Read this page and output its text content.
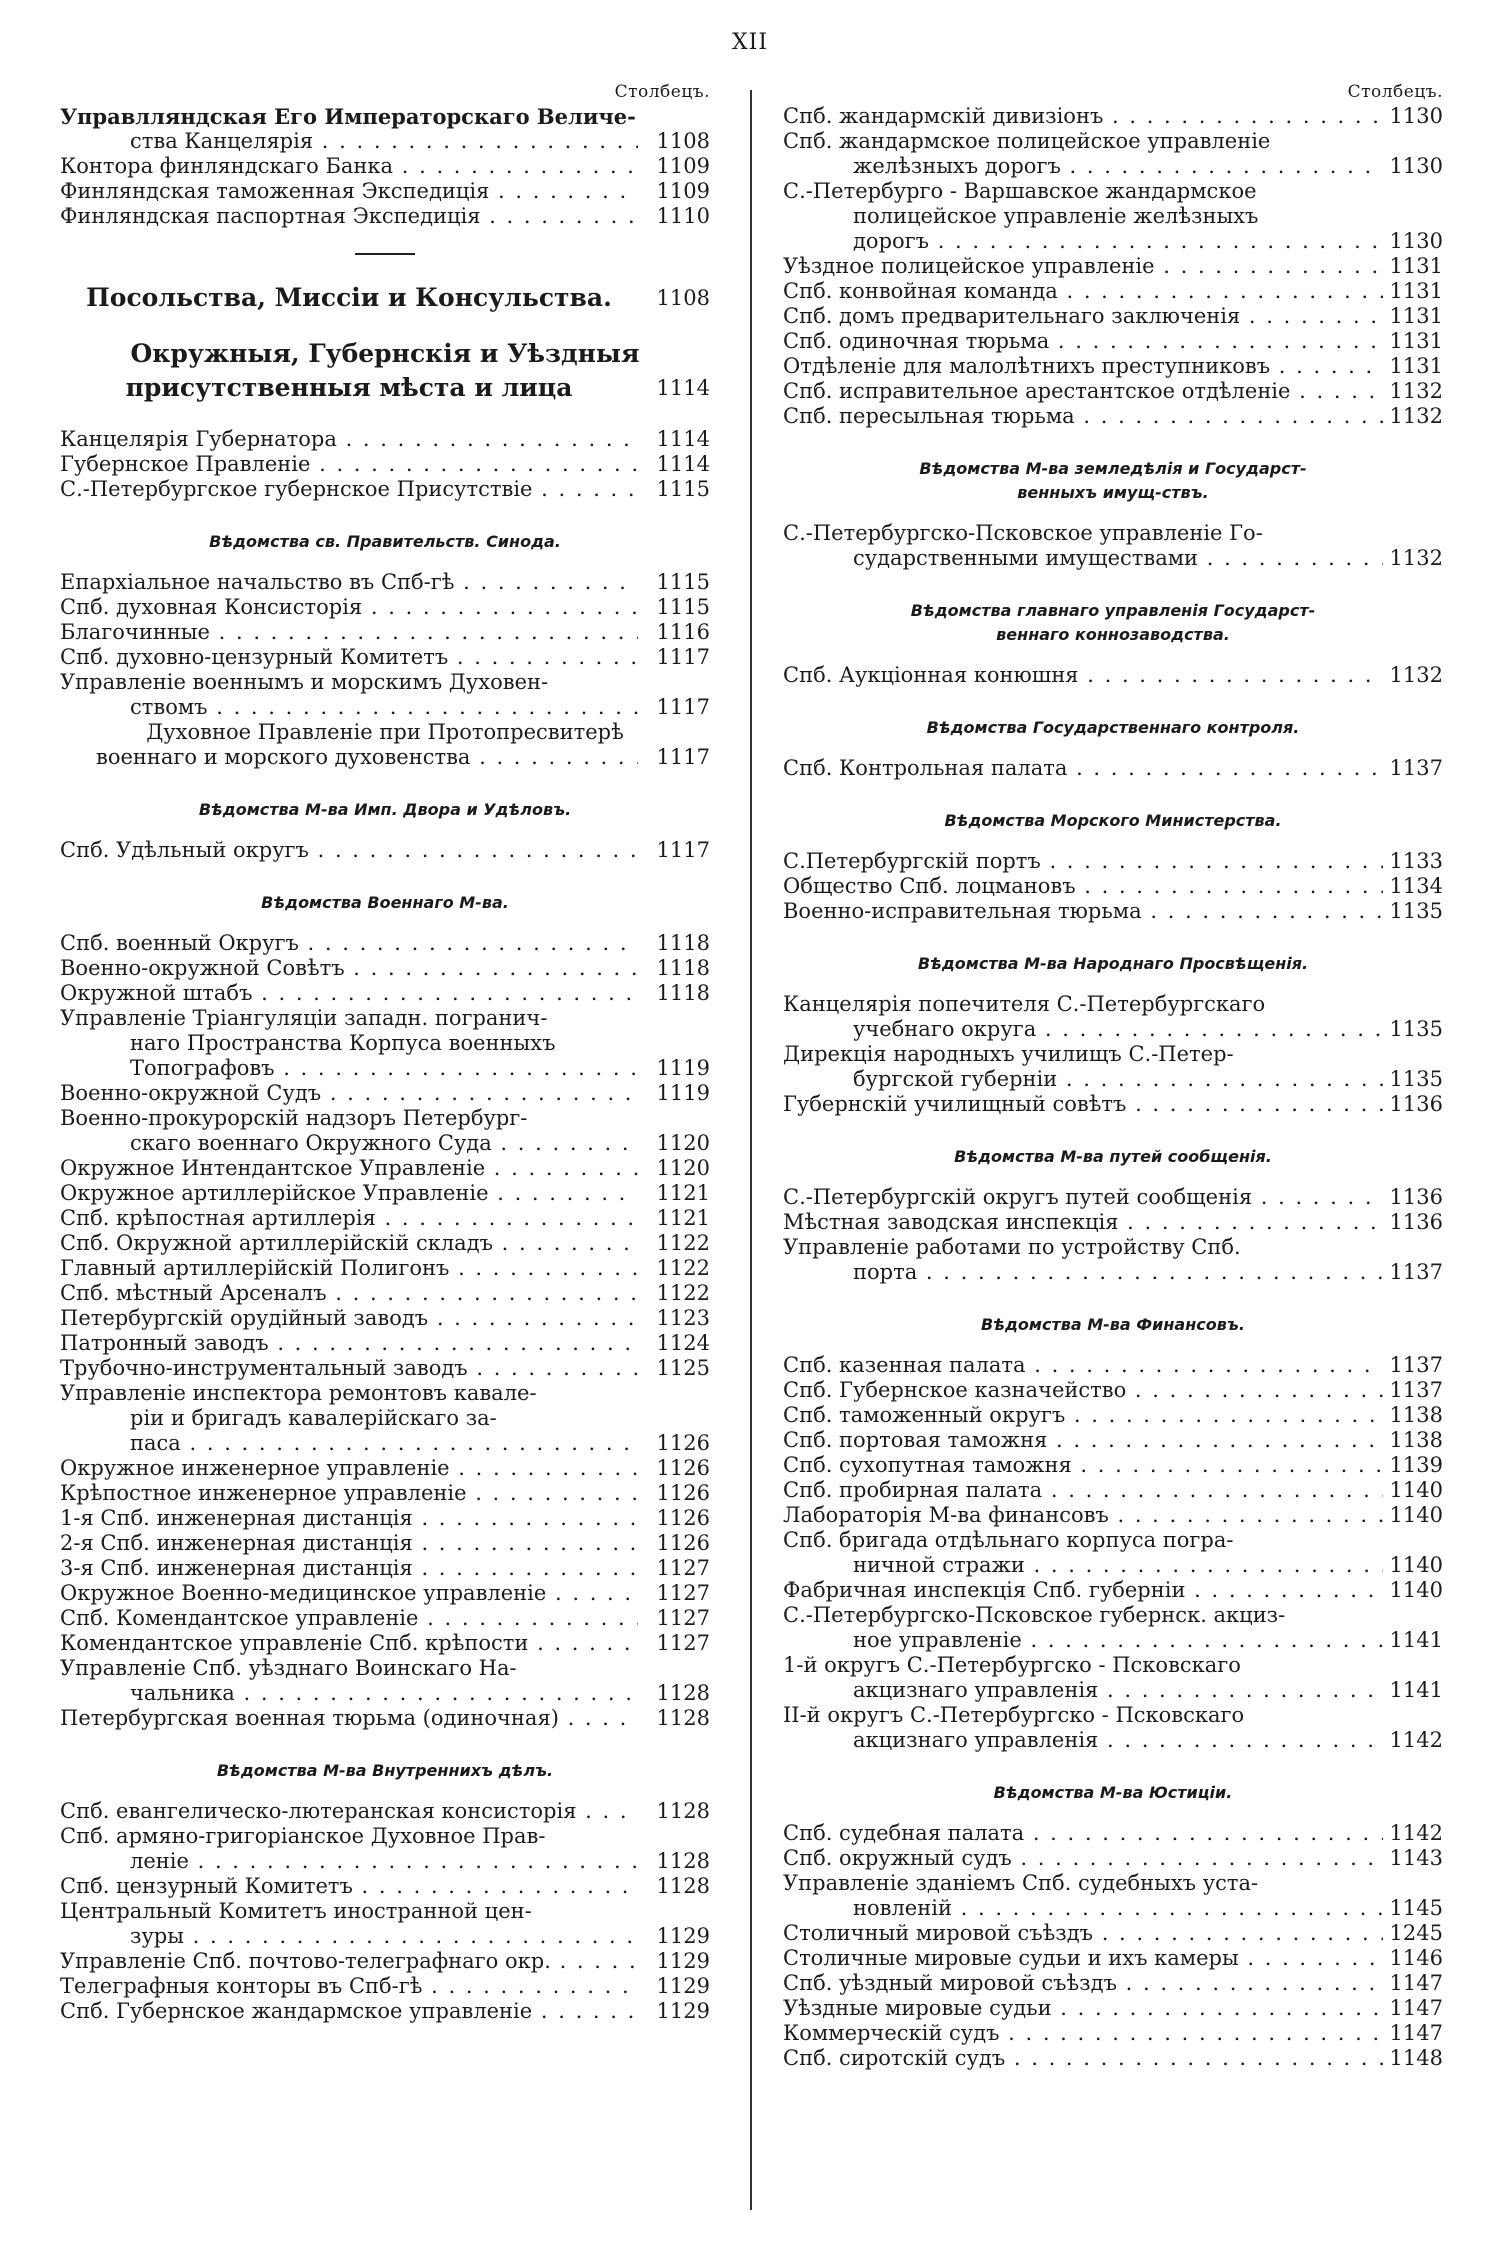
XII
Столбецъ.
Управлляндская Его Императорскаго Величе-
ства Канцелярія . . .	1108
Контора финляндскаго Банка . . .	1109
Финляндская таможенная Экспедиція . . .	1109
Финляндская паспортная Экспедиція . . .	1110
Посольства, Миссіи и Консульства.	1108
Окружныя, Губернскія и Уѣздныя
присутственныя мѣста и лица	1114
Канцелярія Губернатора . . .	1114
Губернское Правленіе . . .	1114
С.-Петербургское губернское Присутствіе . . .	1115
Вѣдомства св. Правительств. Синода.
Епархіальное начальство въ Спб-гѣ . . .	1115
Спб. духовная Консисторія . . .	1115
Благочинные . . .	1116
Спб. духовно-цензурный Комитетъ . . .	1117
Управленіе военнымъ и морскимъ Духовен-
ствомъ . . .	1117
Духовное Правленіе при Протопресвитерѣ
военнаго и морского духовенства . . .	1117
Вѣдомства М-ва Имп. Двора и Удѣловъ.
Спб. Удѣльный округъ . . .	1117
Вѣдомства Военнаго М-ва.
Спб. военный Округъ . . .	1118
Военно-окружной Совѣтъ . . .	1118
Окружной штабъ . . .	1118
Управленіе Тріангуляціи западн. погранич-
наго Пространства Корпуса военныхъ
Топографовъ . . .	1119
Военно-окружной Судъ . . .	1119
Военно-прокурорскій надзоръ Петербург-
скаго военнаго Окружного Суда . . .	1120
Окружное Интендантское Управленіе . . .	1120
Окружное артиллерійское Управленіе . . .	1121
Спб. крѣпостная артиллерія . . .	1121
Спб. Окружной артиллерійскій складъ . . .	1122
Главный артиллерійскій Полигонъ . . .	1122
Спб. мѣстный Арсеналъ . . .	1122
Петербургскій орудійный заводъ . . .	1123
Патронный заводъ . . .	1124
Трубочно-инструментальный заводъ . . .	1125
Управленіе инспектора ремонтовъ кавале-
ріи и бригадъ кавалерійскаго за-
паса . . .	1126
Окружное инженерное управленіе . . .	1126
Крѣпостное инженерное управленіе . . .	1126
1-я Спб. инженерная дистанція . . .	1126
2-я Спб. инженерная дистанція . . .	1126
3-я Спб. инженерная дистанція . . .	1127
Окружное Военно-медицинское управленіе . . .	1127
Спб. Комендантское управленіе . . .	1127
Комендантское управленіе Спб. крѣпости . . .	1127
Управленіе Спб. уѣзднаго Воинскаго На-
чальника . . .	1128
Петербургская военная тюрьма (одиночная) . . .	1128
Вѣдомства М-ва Внутреннихъ дѣлъ.
Спб. евангелическо-лютеранская консисторія . . .	1128
Спб. армяно-григоріанское Духовное Прав-
леніе . . .	1128
Спб. цензурный Комитетъ . . .	1128
Центральный Комитетъ иностранной цен-
зуры . . .	1129
Управленіе Спб. почтово-телеграфнаго окр. . . .	1129
Телеграфныя конторы въ Спб-гѣ . . .	1129
Спб. Губернское жандармское управленіе . . .	1129
Столбецъ.
Спб. жандармскій дивизіонъ . . .	1130
Спб. жандармское полицейское управленіе
желѣзныхъ дорогъ . . .	1130
С.-Петербурго - Варшавское жандармское
полицейское управленіе желѣзныхъ
дорогъ . . .	1130
Уѣздное полицейское управленіе . . .	1131
Спб. конвойная команда . . .	1131
Спб. домъ предварительнаго заключенія . . .	1131
Спб. одиночная тюрьма . . .	1131
Отдѣленіе для малолѣтнихъ преступниковъ . . .	1131
Спб. исправительное арестантское отдѣленіе . . .	1132
Спб. пересыльная тюрьма . . .	1132
Вѣдомства М-ва земледѣлія и Государст-
венныхъ имущ-ствъ.
С.-Петербургско-Псковское управленіе Го-
сударственными имуществами . . .	1132
Вѣдомства главнаго управленія Государст-
веннаго коннозаводства.
Спб. Аукціонная конюшня . . .	1132
Вѣдомства Государственнаго контроля.
Спб. Контрольная палата . . .	1137
Вѣдомства Морского Министерства.
С.Петербургскій портъ . . .	1133
Общество Спб. лоцмановъ . . .	1134
Военно-исправительная тюрьма . . .	1135
Вѣдомства М-ва Народнаго Просвѣщенія.
Канцелярія попечителя С.-Петербургскаго
учебнаго округа . . .	1135
Дирекція народныхъ училищъ С.-Петер-
бургской губерніи . . .	1135
Губернскій училищный совѣтъ . . .	1136
Вѣдомства М-ва путей сообщенія.
С.-Петербургскій округъ путей сообщенія . . .	1136
Мѣстная заводская инспекція . . .	1136
Управленіе работами по устройству Спб.
порта . . .	1137
Вѣдомства М-ва Финансовъ.
Спб. казенная палата . . .	1137
Спб. Губернское казначейство . . .	1137
Спб. таможенный округъ . . .	1138
Спб. портовая таможня . . .	1138
Спб. сухопутная таможня . . .	1139
Спб. пробирная палата . . .	1140
Лабораторія М-ва финансовъ . . .	1140
Спб. бригада отдѣльнаго корпуса погра-
ничной стражи . . .	1140
Фабричная инспекція Спб. губерніи . . .	1140
С.-Петербургско-Псковское губернск. акциз-
ное управленіе . . .	1141
1-й округъ С.-Петербургско - Псковскаго
акцизнаго управленія . . .	1141
II-й округъ С.-Петербургско - Псковскаго
акцизнаго управленія . . .	1142
Вѣдомства М-ва Юстиціи.
Спб. судебная палата . . .	1142
Спб. окружный судъ . . .	1143
Управленіе зданіемъ Спб. судебныхъ уста-
новленій . . .	1145
Столичный мировой съѣздъ . . .	1245
Столичные мировые судьи и ихъ камеры . . .	1146
Спб. уѣздный мировой съѣздъ . . .	1147
Уѣздные мировые судьи . . .	1147
Коммерческій судъ . . .	1147
Спб. сиротскій судъ . . .	1148
